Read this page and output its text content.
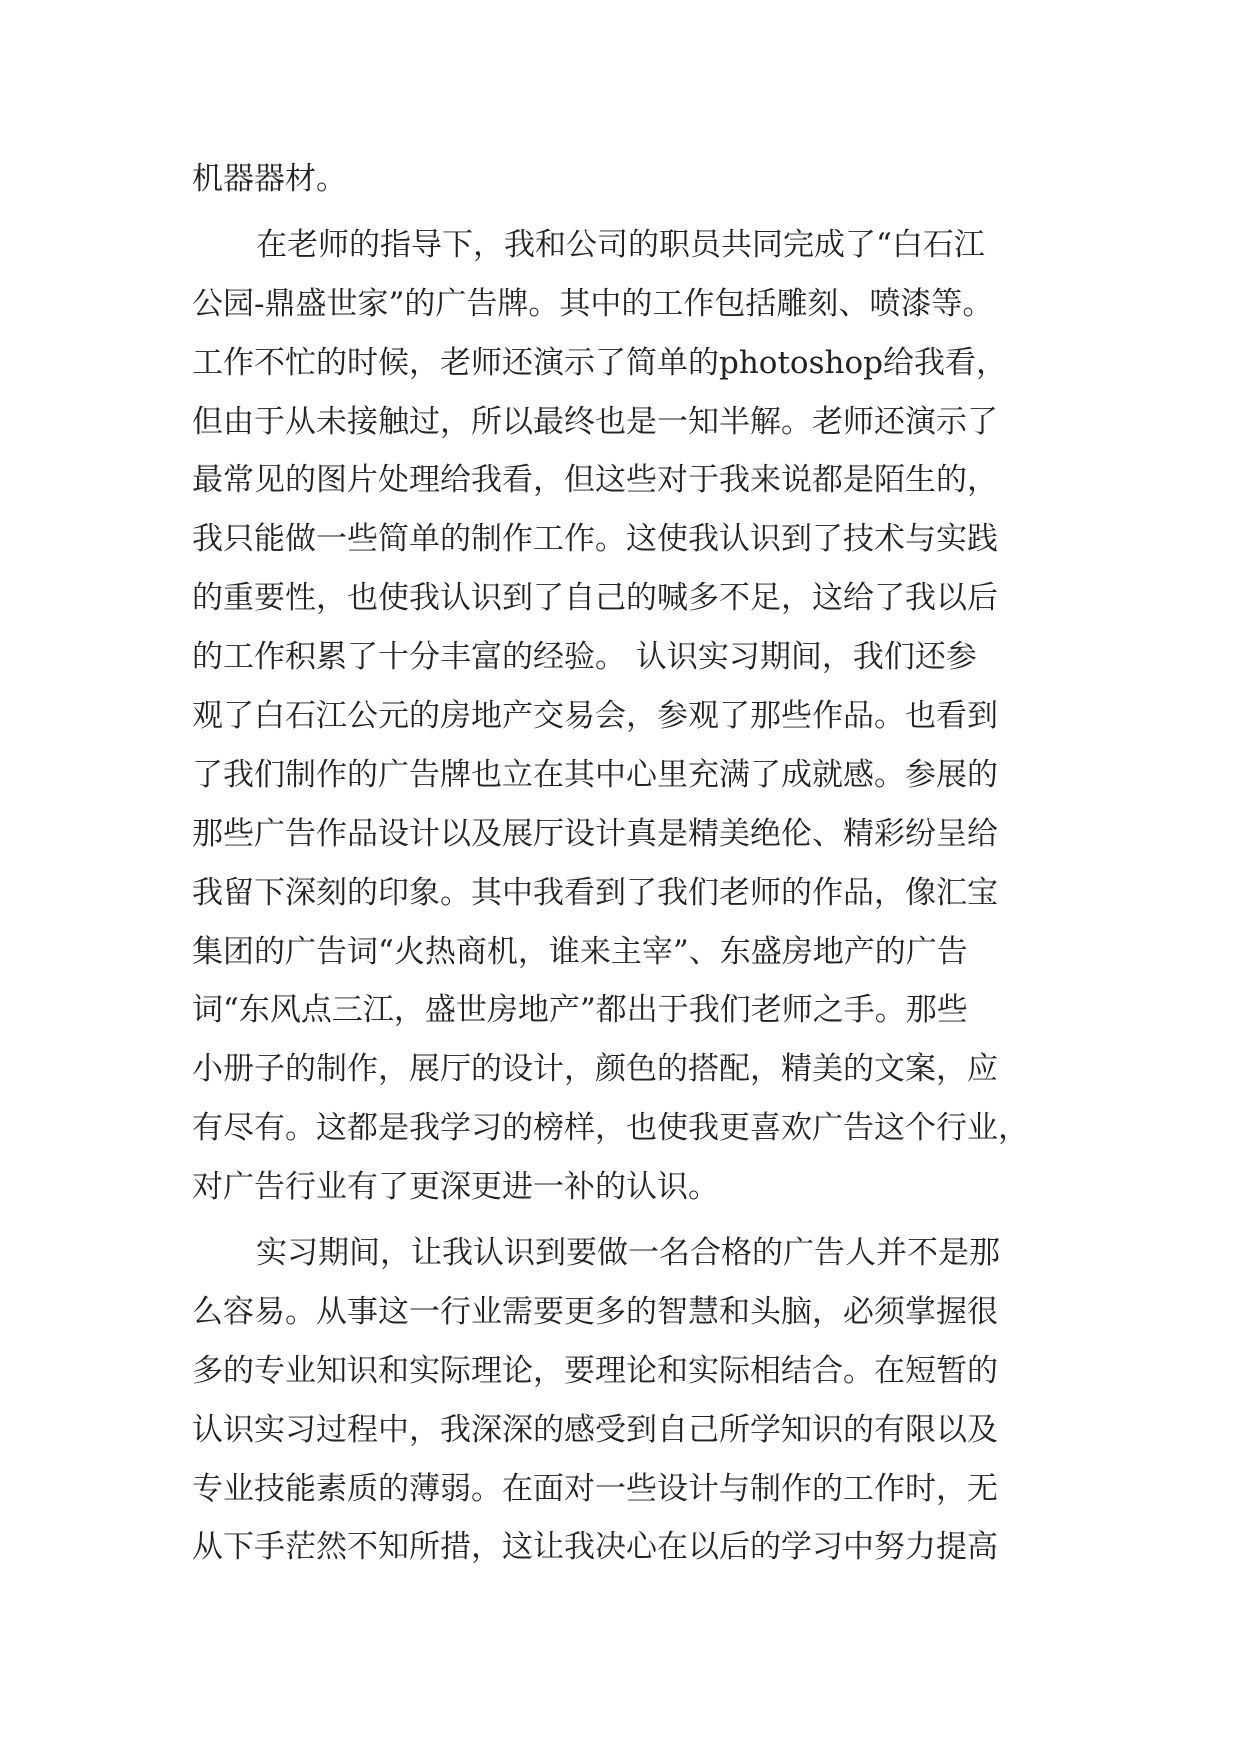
机器器材。
在老师的指导下，我和公司的职员共同完成了“白石江
公园-鼎盛世家”的广告牌。其中的工作包括雕刻、喷漆等。
工作不忙的时候，老师还演示了简单的photoshop给我看，
但由于从未接触过，所以最终也是一知半解。老师还演示了
最常见的图片处理给我看，但这些对于我来说都是陌生的，
我只能做一些简单的制作工作。这使我认识到了技术与实践
的重要性，也使我认识到了自己的喊多不足，这给了我以后
的工作积累了十分丰富的经验。 认识实习期间，我们还参
观了白石江公元的房地产交易会，参观了那些作品。也看到
了我们制作的广告牌也立在其中心里充满了成就感。参展的
那些广告作品设计以及展厅设计真是精美绝伦、精彩纷呈给
我留下深刻的印象。其中我看到了我们老师的作品，像汇宝
集团的广告词“火热商机，谁来主宰”、东盛房地产的广告
词“东风点三江，盛世房地产”都出于我们老师之手。那些
小册子的制作，展厅的设计，颜色的搭配，精美的文案，应
有尽有。这都是我学习的榜样，也使我更喜欢广告这个行业，
对广告行业有了更深更进一补的认识。
实习期间，让我认识到要做一名合格的广告人并不是那
么容易。从事这一行业需要更多的智慧和头脑，必须掌握很
多的专业知识和实际理论，要理论和实际相结合。在短暂的
认识实习过程中，我深深的感受到自己所学知识的有限以及
专业技能素质的薄弱。在面对一些设计与制作的工作时，无
从下手茫然不知所措，这让我决心在以后的学习中努力提高
